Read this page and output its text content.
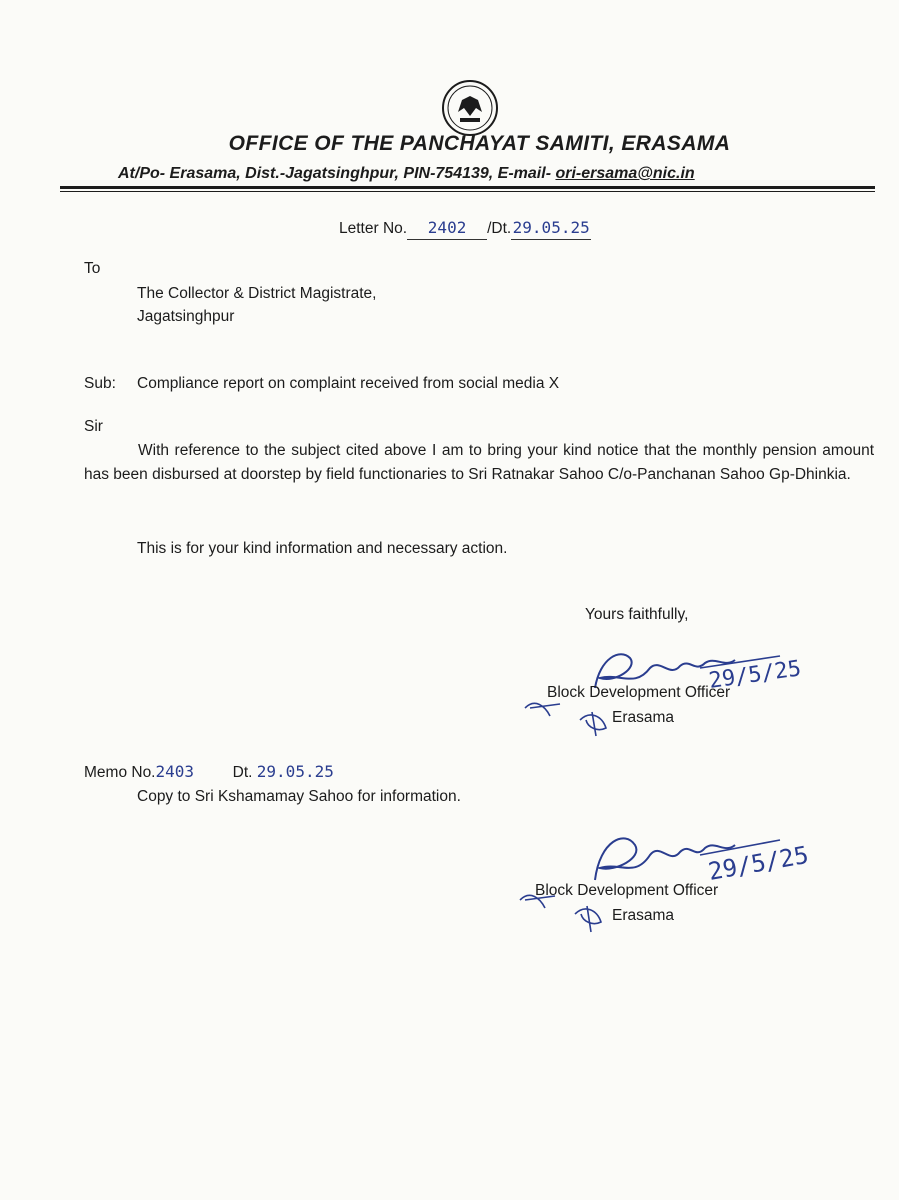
OFFICE OF THE PANCHAYAT SAMITI, ERASAMA
At/Po- Erasama, Dist.-Jagatsinghpur, PIN-754139, E-mail- ori-ersama@nic.in
Letter No. 2402 /Dt.29.05.25
To
The Collector & District Magistrate,
Jagatsinghpur
Sub: Compliance report on complaint received from social media X
Sir
With reference to the subject cited above I am to bring your kind notice that the monthly pension amount has been disbursed at doorstep by field functionaries to Sri Ratnakar Sahoo C/o-Panchanan Sahoo Gp-Dhinkia.
This is for your kind information and necessary action.
Yours faithfully,
29/5/25
Block Development Officer
Erasama
Memo No.2403 Dt. 29.05.25
Copy to Sri Kshamamay Sahoo for information.
29/5/25
Block Development Officer
Erasama
